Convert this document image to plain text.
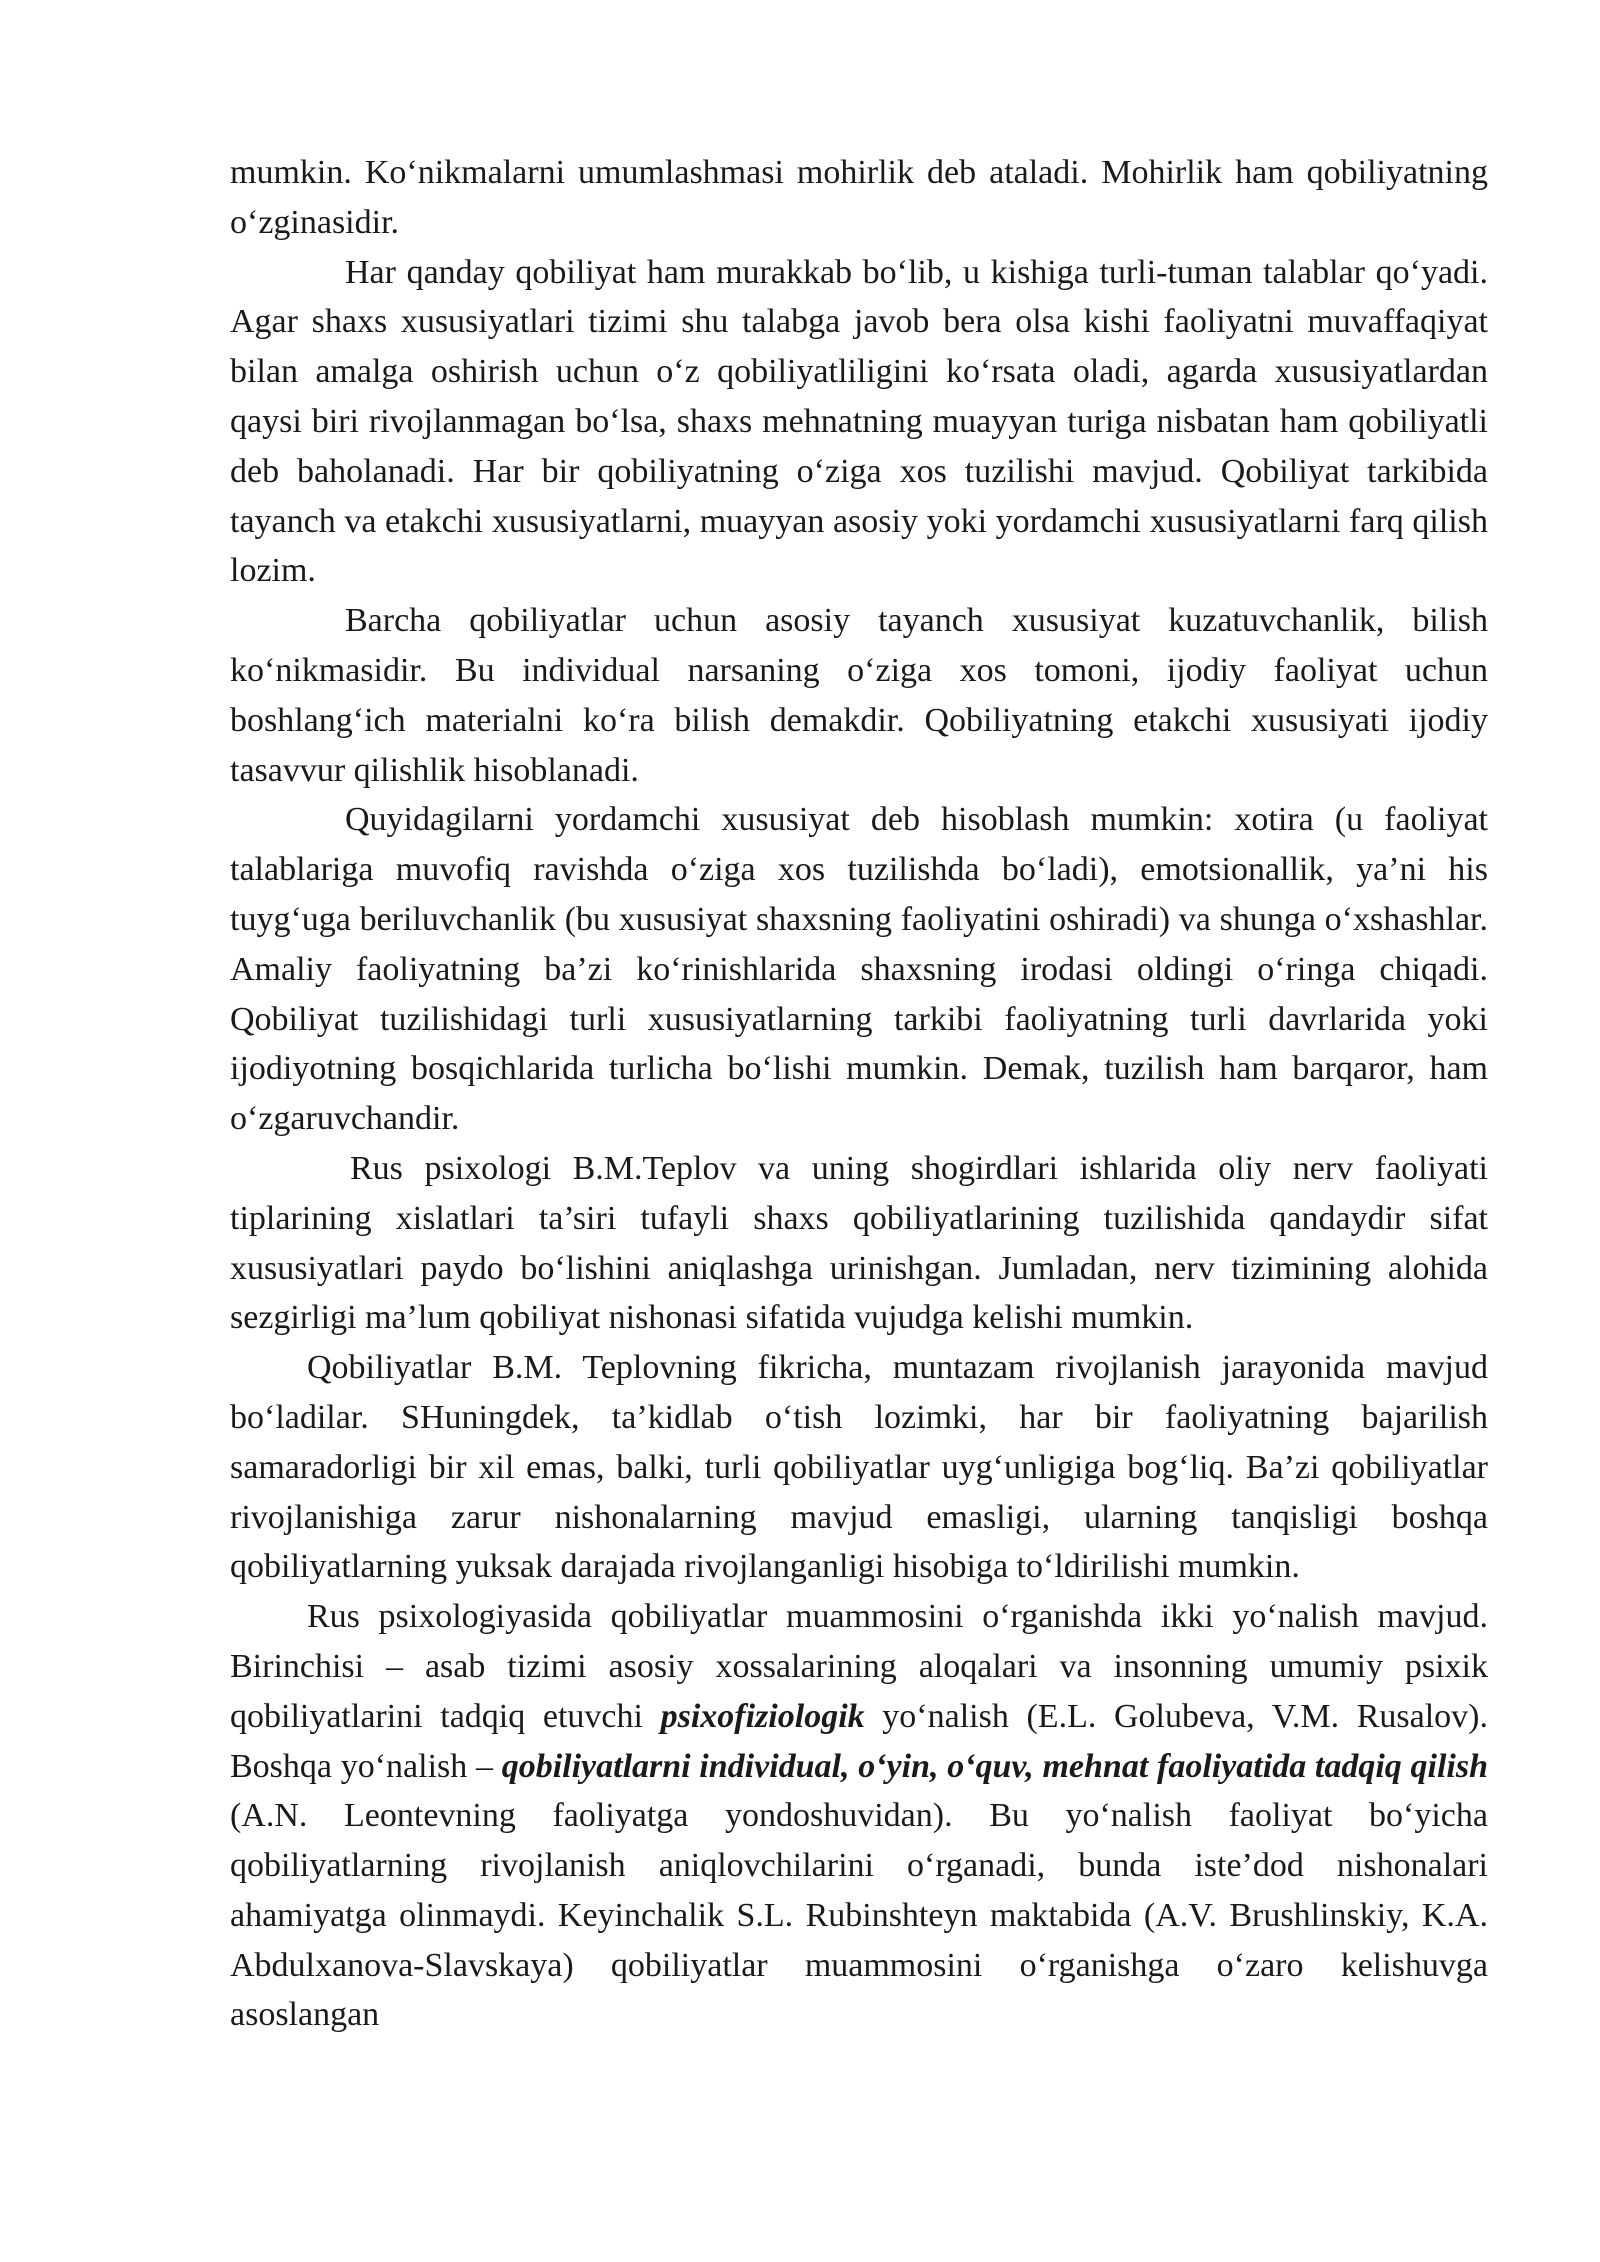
mumkin. Ko‘nikmalarni umumlashmasi mohirlik deb ataladi. Mohirlik ham qobiliyatning o‘zginasidir.

Har qanday qobiliyat ham murakkab bo‘lib, u kishiga turli-tuman talablar qo‘yadi. Agar shaxs xususiyatlari tizimi shu talabga javob bera olsa kishi faoliyatni muvaffaqiyat bilan amalga oshirish uchun o‘z qobiliyatliligini ko‘rsata oladi, agarda xususiyatlardan qaysi biri rivojlanmagan bo‘lsa, shaxs mehnatning muayyan turiga nisbatan ham qobiliyatli deb baholanadi. Har bir qobiliyatning o‘ziga xos tuzilishi mavjud. Qobiliyat tarkibida tayanch va etakchi xususiyatlarni, muayyan asosiy yoki yordamchi xususiyatlarni farq qilish lozim.

Barcha qobiliyatlar uchun asosiy tayanch xususiyat kuzatuvchanlik, bilish ko‘nikmasidir. Bu individual narsaning o‘ziga xos tomoni, ijodiy faoliyat uchun boshlang‘ich materialni ko‘ra bilish demakdir. Qobiliyatning etakchi xususiyati ijodiy tasavvur qilishlik hisoblanadi.

Quyidagilarni yordamchi xususiyat deb hisoblash mumkin: xotira (u faoliyat talablariga muvofiq ravishda o‘ziga xos tuzilishda bo‘ladi), emotsionallik, ya’ni his tuyg‘uga beriluvchanlik (bu xususiyat shaxsning faoliyatini oshiradi) va shunga o‘xshashlar. Amaliy faoliyatning ba’zi ko‘rinishlarida shaxsning irodasi oldingi o‘ringa chiqadi. Qobiliyat tuzilishidagi turli xususiyatlarning tarkibi faoliyatning turli davrlarida yoki ijodiyotning bosqichlarida turlicha bo‘lishi mumkin. Demak, tuzilish ham barqaror, ham o‘zgaruvchandir.

Rus psixologi B.M.Teplov va uning shogirdlari ishlarida oliy nerv faoliyati tiplarining xislatlari ta’siri tufayli shaxs qobiliyatlarining tuzilishida qandaydir sifat xususiyatlari paydo bo‘lishini aniqlashga urinishgan. Jumladan, nerv tizimining alohida sezgirligi ma’lum qobiliyat nishonasi sifatida vujudga kelishi mumkin.

Qobiliyatlar B.M. Teplovning fikricha, muntazam rivojlanish jarayonida mavjud bo‘ladilar. SHuningdek, ta’kidlab o‘tish lozimki, har bir faoliyatning bajarilish samaradorligi bir xil emas, balki, turli qobiliyatlar uyg‘unligiga bog‘liq. Ba’zi qobiliyatlar rivojlanishiga zarur nishonalarning mavjud emasligi, ularning tanqisligi boshqa qobiliyatlarning yuksak darajada rivojlanganligi hisobiga to‘ldirilishi mumkin.

Rus psixologiyasida qobiliyatlar muammosini o‘rganishda ikki yo‘nalish mavjud. Birinchisi – asab tizimi asosiy xossalarining aloqalari va insonning umumiy psixik qobiliyatlarini tadqiq etuvchi psixofiziologik yo‘nalish (E.L. Golubeva, V.M. Rusalov). Boshqa yo‘nalish – qobiliyatlarni individual, o‘yin, o‘quv, mehnat faoliyatida tadqiq qilish (A.N. Leontevning faoliyatga yondoshuvidan). Bu yo‘nalish faoliyat bo‘yicha qobiliyatlarning rivojlanish aniqlovchilarini o‘rganadi, bunda iste’dod nishonalari ahamiyatga olinmaydi. Keyinchalik S.L. Rubinshteyn maktabida (A.V. Brushlinskiy, K.A. Abdulxanova-Slavskaya) qobiliyatlar muammosini o‘rganishga o‘zaro kelishuvga asoslangan
